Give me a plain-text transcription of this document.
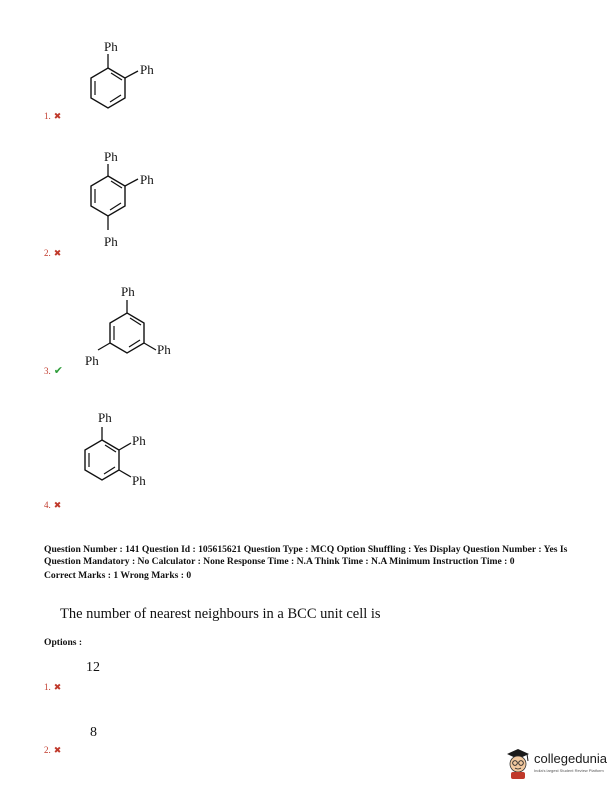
Ph
Ph
1. ✖
Ph
Ph
Ph
2. ✖
Ph
Ph
Ph
3. ✔
Ph
Ph
Ph
4. ✖
Question Number : 141 Question Id : 105615621 Question Type : MCQ Option Shuffling : Yes Display Question Number : Yes Is Question Mandatory : No Calculator : None Response Time : N.A Think Time : N.A Minimum Instruction Time : 0
Correct Marks : 1 Wrong Marks : 0
The number of nearest neighbours in a BCC unit cell is
Options :
12
1. ✖
8
2. ✖
collegedunia
India's largest Student Review Platform
